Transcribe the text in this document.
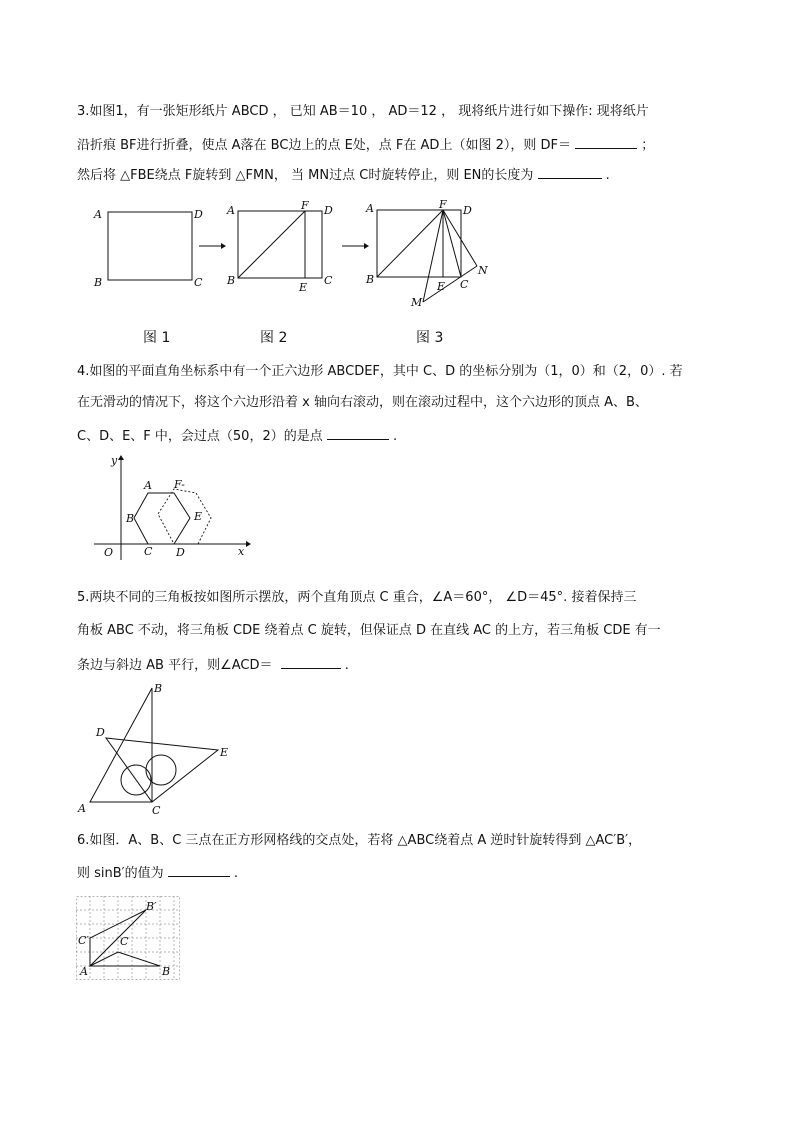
3.如图1，有一张矩形纸片 ABCD ， 已知 AB＝10 ， AD＝12 ， 现将纸片进行如下操作: 现将纸片
沿折痕 BF进行折叠，使点 A落在 BC边上的点 E处，点 F在 AD上（如图 2），则 DF＝	；
然后将 △FBE绕点 F旋转到 △FMN， 当 MN过点 C时旋转停止，则 EN的长度为	.
A	D
B	C
A	F D
B
E
C
A	F D
B
E C
N
M
图 1	图 2	图 3
4.如图的平面直角坐标系中有一个正六边形 ABCDEF，其中 C、D 的坐标分别为（1，0）和（2，0）. 若
在无滑动的情况下，将这个六边形沿着 x 轴向右滚动，则在滚动过程中，这个六边形的顶点 A、B、
C、D、E、F 中，会过点（50，2）的是点	.
y
x
O
A F-
B	E
C D
5.两块不同的三角板按如图所示摆放，两个直角顶点 C 重合，∠A＝60°， ∠D＝45°. 接着保持三
角板 ABC 不动，将三角板 CDE 绕着点 C 旋转，但保证点 D 在直线 AC 的上方，若三角板 CDE 有一
条边与斜边 AB 平行，则∠ACD＝	.
B
D
E
A	C
6.如图．A、B、C 三点在正方形网格线的交点处，若将 △ABC绕着点 A 逆时针旋转得到 △AC′B′，
则 sinB′的值为	.
B′
C′	C
A	B
